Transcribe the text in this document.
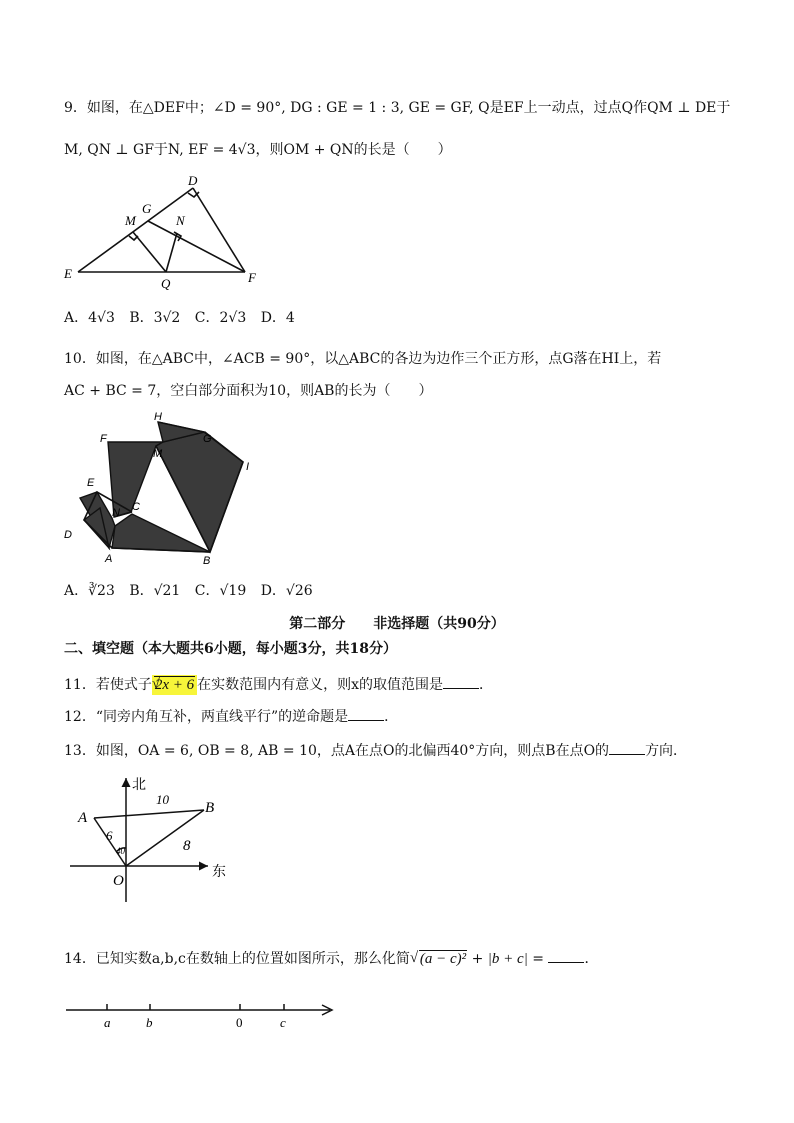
9．如图，在△DEF中；∠D = 90°, DG : GE = 1 : 3, GE = GF, Q是EF上一动点，过点Q作QM ⊥ DE于
M, QN ⊥ GF于N, EF = 4√3，则OM + QN的长是（　　）
D
G
M	N
E
Q	F
A．4√3 B．3√2 C．2√3 D．4
10．如图，在△ABC中，∠ACB = 90°，以△ABC的各边为边作三个正方形，点G落在HI上，若
AC + BC = 7，空白部分面积为10，则AB的长为（　　）
H
F
M
G
I
E
N C
D
A	B
A．∛23 B．√21 C．√19 D．√26
第二部分　　非选择题（共90分）
二、填空题（本大题共6小题，每小题3分，共18分）
11．若使式子 √ 2x + 6 在实数范围内有意义，则x的取值范围是	．
12．“同旁内角互补，两直线平行”的逆命题是	．
13．如图，OA = 6, OB = 8, AB = 10，点A在点O的北偏西40°方向，则点B在点O的	方向．
北
东
A
B
O
10
6
40	8
14．已知实数a,b,c在数轴上的位置如图所示，那么化简 √ (a − c)² + |b + c| =	．
a	b	0	c
